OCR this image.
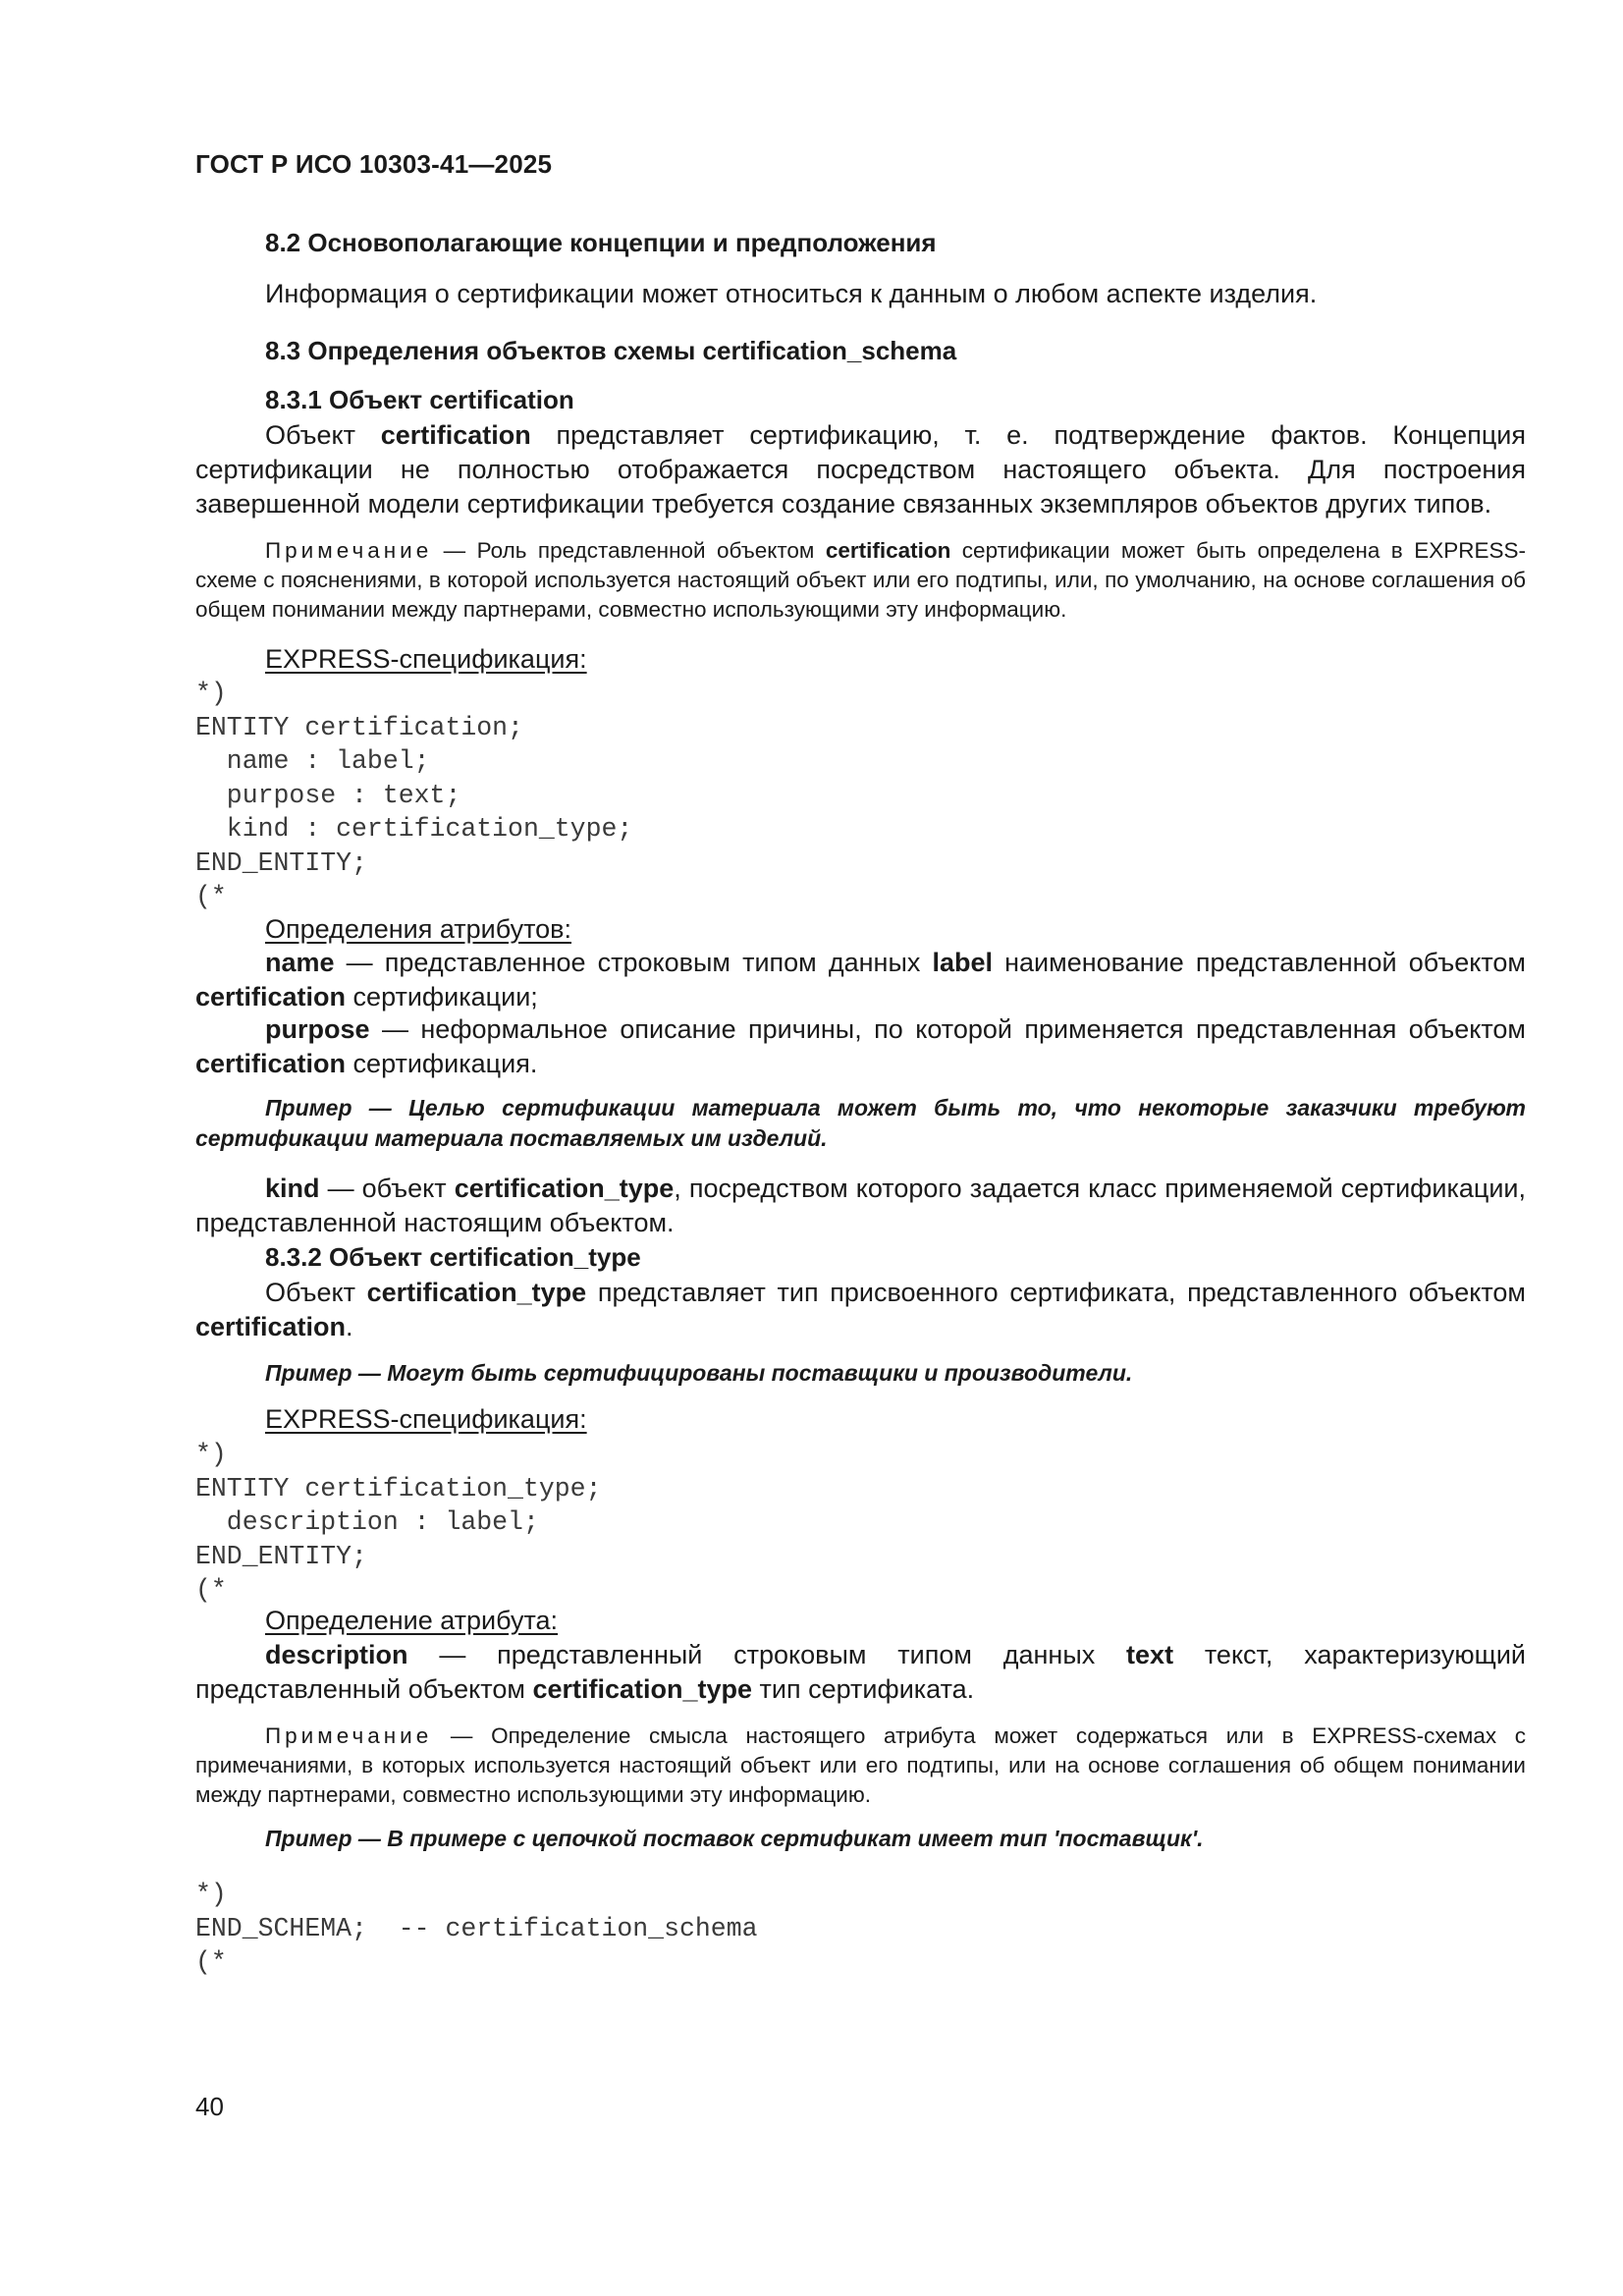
ГОСТ Р ИСО 10303-41—2025
8.2 Основополагающие концепции и предположения

Информация о сертификации может относиться к данным о любом аспекте изделия.

8.3 Определения объектов схемы certification_schema
8.3.1 Объект certification

Объект certification представляет сертификацию, т. е. подтверждение фактов. Концепция сертификации не полностью отображается посредством настоящего объекта. Для построения завершенной модели сертификации требуется создание связанных экземпляров объектов других типов.

Примечание — Роль представленной объектом certification сертификации может быть определена в EXPRESS-схеме с пояснениями, в которой используется настоящий объект или его подтипы, или, по умолчанию, на основе соглашения об общем понимании между партнерами, совместно использующими эту информацию.

EXPRESS-спецификация:
*)
ENTITY certification;
name : label;
purpose : text;
kind : certification_type;
END_ENTITY;
(*
Определения атрибутов:

name — представленное строковым типом данных label наименование представленной объектом certification сертификации;

purpose — неформальное описание причины, по которой применяется представленная объектом certification сертификация.

Пример — Целью сертификации материала может быть то, что некоторые заказчики требуют сертификации материала поставляемых им изделий.

kind — объект certification_type, посредством которого задается класс применяемой сертификации, представленной настоящим объектом.

8.3.2 Объект certification_type

Объект certification_type представляет тип присвоенного сертификата, представленного объектом certification.

Пример — Могут быть сертифицированы поставщики и производители.

EXPRESS-спецификация:
*)
ENTITY certification_type;
description : label;
END_ENTITY;
(*
Определение атрибута:

description — представленный строковым типом данных text текст, характеризующий представленный объектом certification_type тип сертификата.

Примечание — Определение смысла настоящего атрибута может содержаться или в EXPRESS-схемах с примечаниями, в которых используется настоящий объект или его подтипы, или на основе соглашения об общем понимании между партнерами, совместно использующими эту информацию.

Пример — В примере с цепочкой поставок сертификат имеет тип 'поставщик'.

*)
END_SCHEMA;  -- certification_schema
(*
40
